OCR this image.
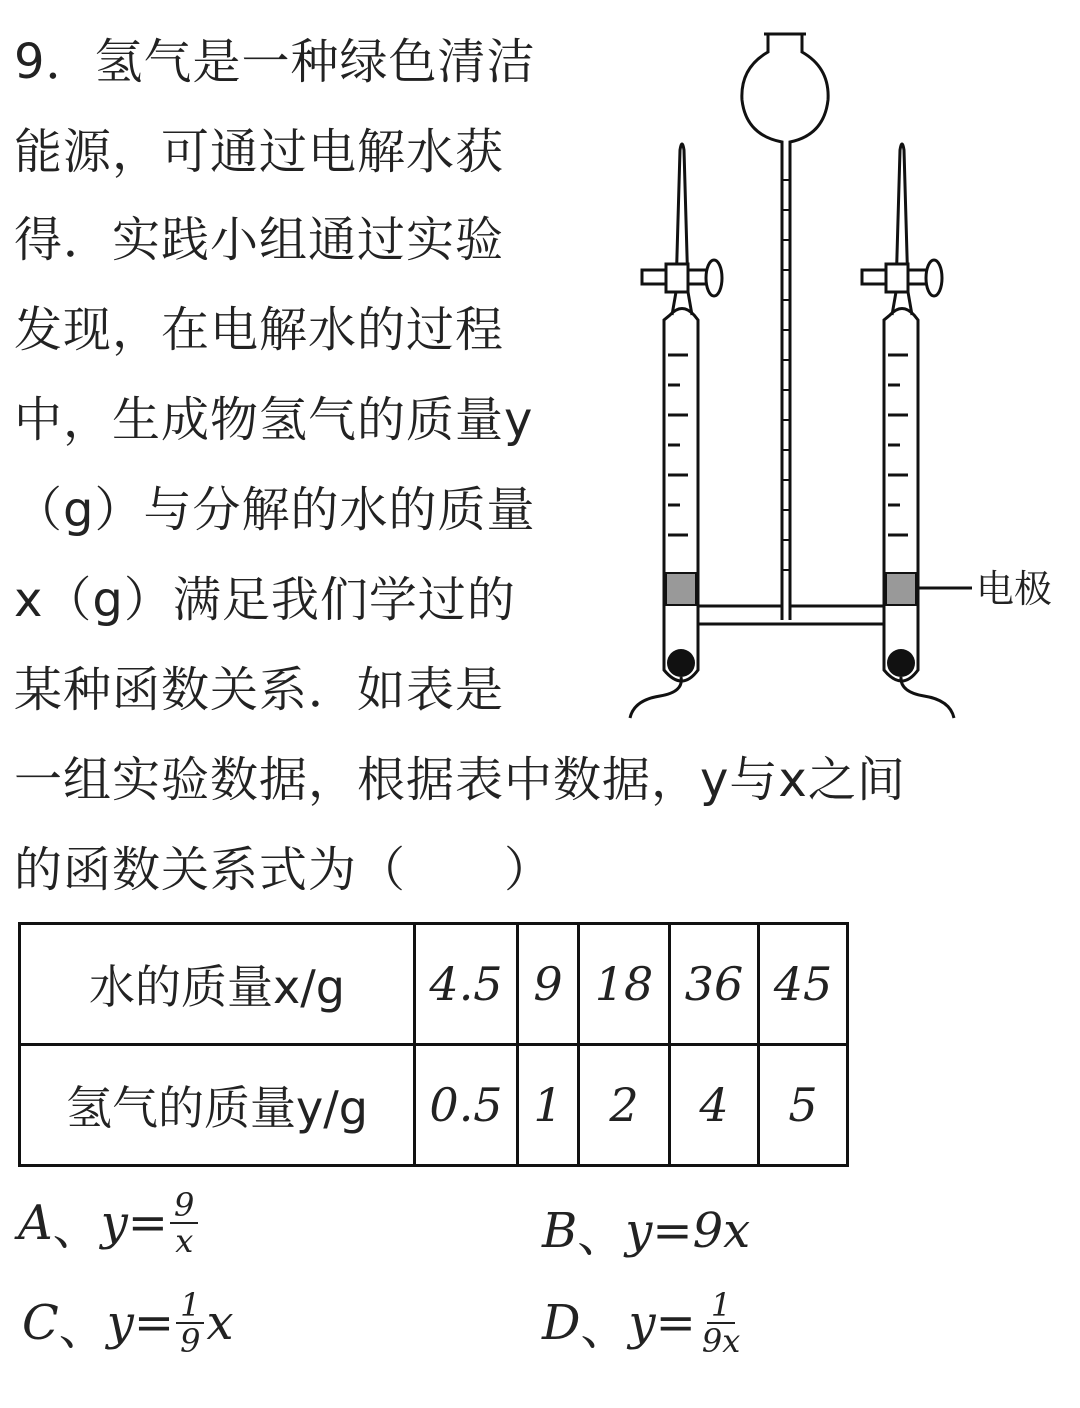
9．氢气是一种绿色清洁
能源，可通过电解水获
得．实践小组通过实验
发现，在电解水的过程
中，生成物氢气的质量y
（g）与分解的水的质量
x（g）满足我们学过的
某种函数关系．如表是
一组实验数据，根据表中数据，y与x之间
的函数关系式为（　　）
电极
水的质量x/g	4.5	9	18	36	45
氢气的质量y/g	0.5	1	2	4	5
A 、 $y= \frac{9}{x}$	B 、 y=9x
C 、 $y= \frac{1}{9}$ x	D 、 $y= \frac{1}{9x}$
